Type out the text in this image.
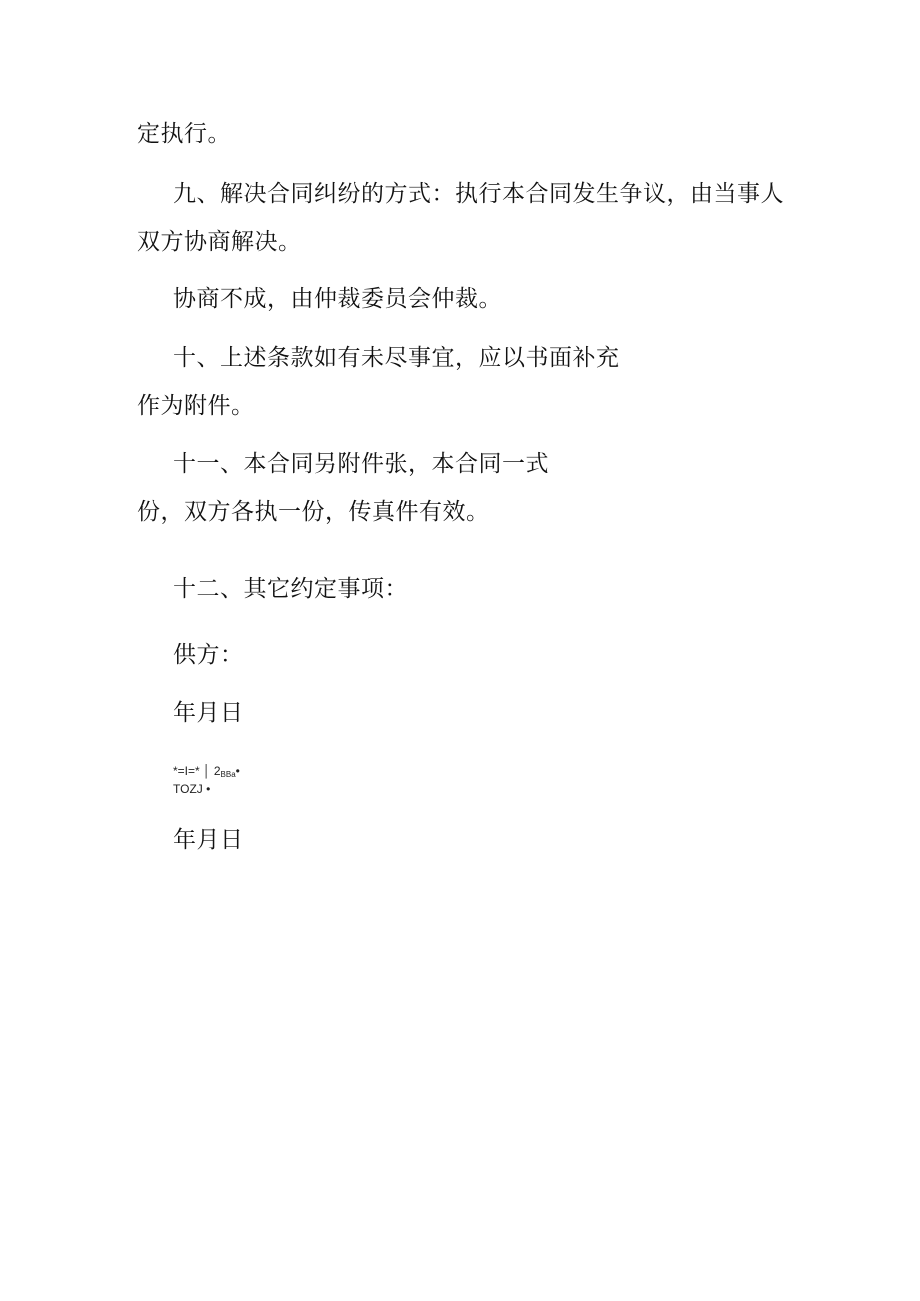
定执行。
九、解决合同纠纷的方式：执行本合同发生争议，由当事人
双方协商解决。
协商不成，由仲裁委员会仲裁。
十、上述条款如有未尽事宜，应以书面补充
作为附件。
十一、本合同另附件张，本合同一式
份，双方各执一份，传真件有效。
十二、其它约定事项：
供方：
年月日
*=I=* │ $2_{BBa}•$
TOZJ •
年月日
